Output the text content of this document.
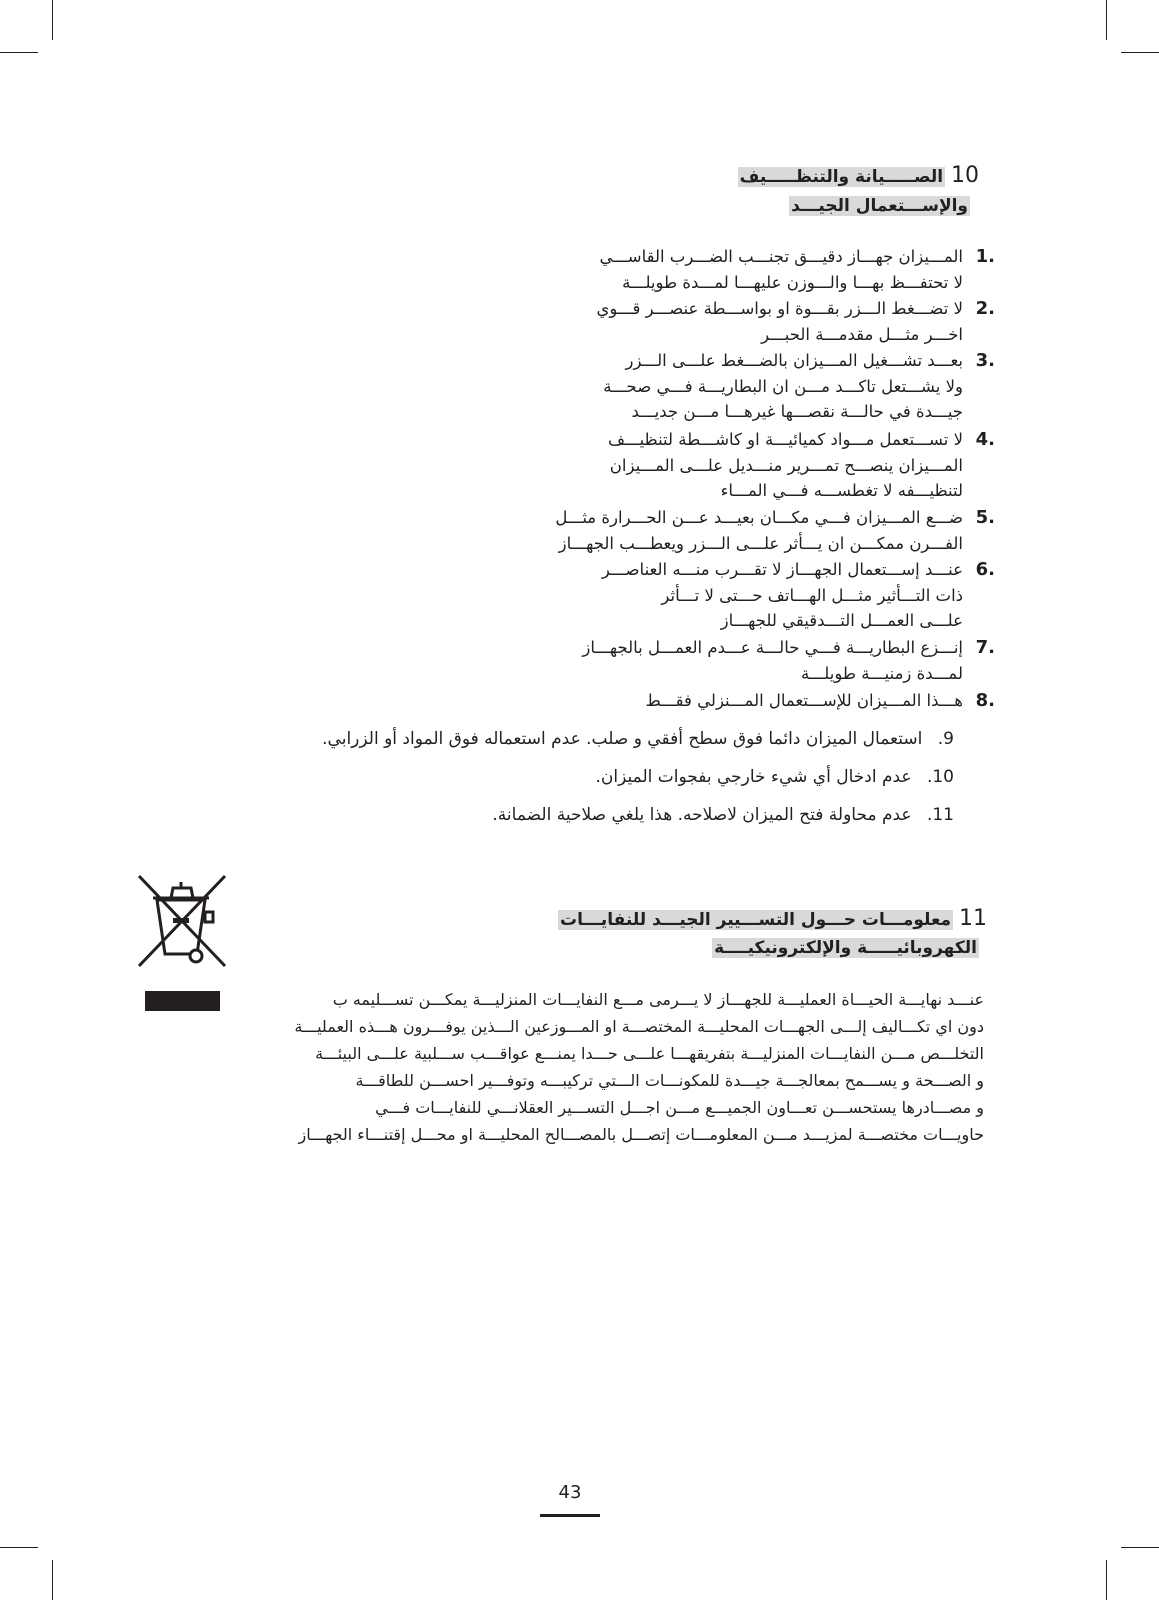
10 الصـــــيانة والتنظـــــيف
والإســـتعمال الجيـــد
1.
المـــيزان جهـــاز دقيـــق تجنـــب الضـــرب القاســـي
لا تحتفـــظ بهـــا والـــوزن عليهـــا لمـــدة طويلـــة
2.
لا تضـــغط الـــزر بقـــوة او بواســـطة عنصـــر قـــوي
اخـــر مثـــل مقدمـــة الحبـــر
3.
بعـــد تشـــغيل المـــيزان بالضـــغط علـــى الـــزر
ولا يشـــتعل تاكـــد مـــن ان البطاريـــة فـــي صحـــة
جيـــدة في حالـــة نقصـــها غيرهـــا مـــن جديـــد
4.
لا تســـتعمل مـــواد كميائيـــة او كاشـــطة لتنظيـــف
المـــيزان ينصـــح تمـــرير منـــديل علـــى المـــيزان
لتنظيـــفه لا تغطســـه فـــي المـــاء
5.
ضـــع المـــيزان فـــي مكـــان بعيـــد عـــن الحـــرارة مثـــل
الفـــرن ممكـــن ان يـــأثر علـــى الـــزر ويعطـــب الجهـــاز
6.
عنـــد إســـتعمال الجهـــاز لا تقـــرب منـــه العناصـــر
ذات التـــأثير مثـــل الهـــاتف حـــتى لا تـــأثر
علـــى العمـــل التـــدقيقي للجهـــاز
7.
إنـــزع البطاريـــة فـــي حالـــة عـــدم العمـــل بالجهـــاز
لمـــدة زمنيـــة طويلـــة
8.
هـــذا المـــيزان للإســـتعمال المـــنزلي فقـــط
.9 استعمال الميزان دائما فوق سطح أفقي و صلب. عدم استعماله فوق المواد أو الزرابي.
.10 عدم ادخال أي شيء خارجي بفجوات الميزان.
.11 عدم محاولة فتح الميزان لاصلاحه. هذا يلغي صلاحية الضمانة.
11 معلومـــات حـــول التســـيير الجيـــد للنفايـــات
الكهروبائيـــــة والإلكترونيكيــــة
عنـــد نهايـــة الحيـــاة العمليـــة للجهـــاز لا يـــرمى مـــع النفايـــات المنزليـــة يمكـــن تســـليمه ب
دون اي تكـــاليف إلـــى الجهـــات المحليـــة المختصـــة او المـــوزعين الـــذين يوفـــرون هـــذه العمليـــة
التخلـــص مـــن النفايـــات المنزليـــة بتفريقهـــا علـــى حـــدا يمنـــع عواقـــب ســـلبية علـــى البيئـــة
و الصـــحة و يســـمح بمعالجـــة جيـــدة للمكونـــات الـــتي تركيبـــه وتوفـــير احســـن للطاقـــة
و مصـــادرها يستحســـن تعـــاون الجميـــع مـــن اجـــل التســـير العقلانـــي للنفايـــات فـــي
حاويـــات مختصـــة لمزيـــد مـــن المعلومـــات إتصـــل بالمصـــالح المحليـــة او محـــل إقتنـــاء الجهـــاز
43
